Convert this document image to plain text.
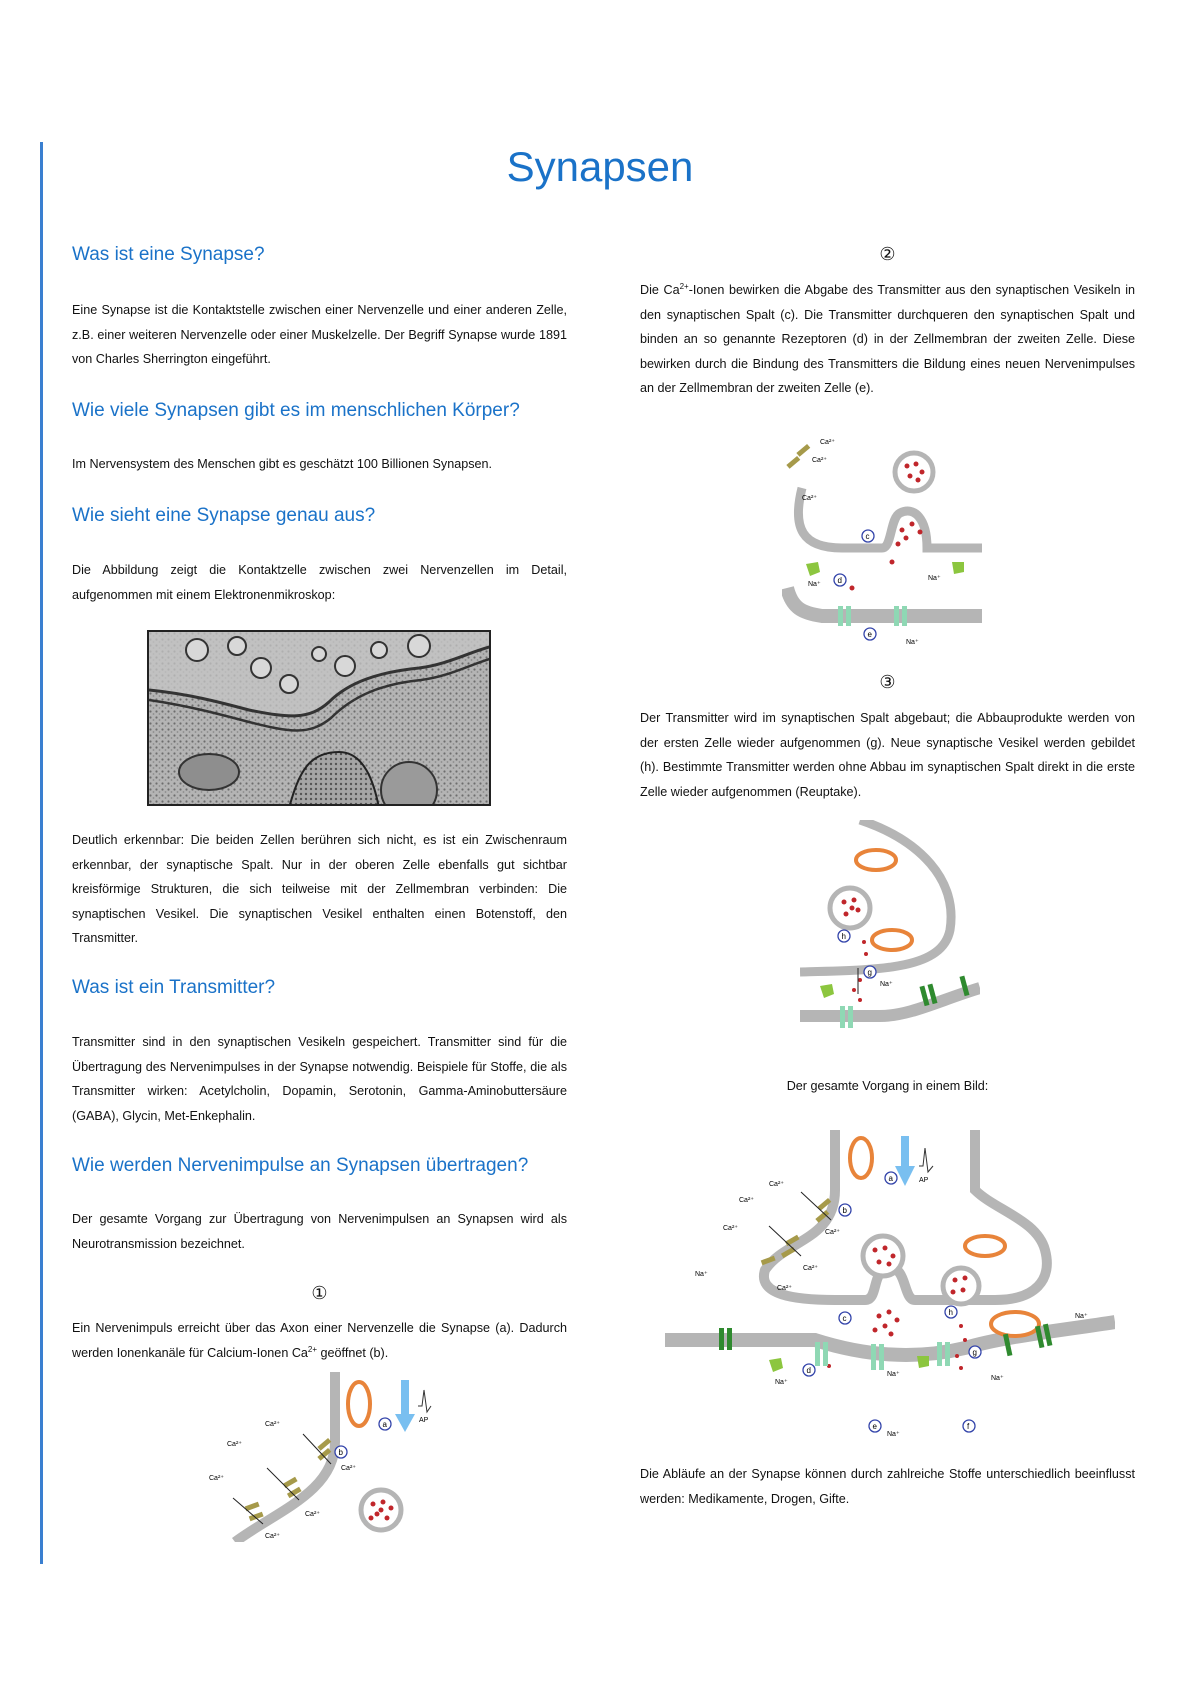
Synapsen
Was ist eine Synapse?

Eine Synapse ist die Kontaktstelle zwischen einer Nervenzelle und einer anderen Zelle, z.B. einer weiteren Nervenzelle oder einer Muskelzelle. Der Begriff Synapse wurde 1891 von Charles Sherrington eingeführt.

Wie viele Synapsen gibt es im menschlichen Körper?

Im Nervensystem des Menschen gibt es geschätzt 100 Billionen Synapsen.

Wie sieht eine Synapse genau aus?

Die Abbildung zeigt die Kontaktzelle zwischen zwei Nervenzellen im Detail, aufgenommen mit einem Elektronenmikroskop:

Deutlich erkennbar: Die beiden Zellen berühren sich nicht, es ist ein Zwischenraum erkennbar, der synaptische Spalt. Nur in der oberen Zelle ebenfalls gut sichtbar kreisförmige Strukturen, die sich teilweise mit der Zellmembran verbinden: Die synaptischen Vesikel. Die synaptischen Vesikel enthalten einen Botenstoff, den Transmitter.

Was ist ein Transmitter?

Transmitter sind in den synaptischen Vesikeln gespeichert. Transmitter sind für die Übertragung des Nervenimpulses in der Synapse notwendig. Beispiele für Stoffe, die als Transmitter wirken: Acetylcholin, Dopamin, Serotonin, Gamma-Aminobuttersäure (GABA), Glycin, Met-Enkephalin.

Wie werden Nervenimpulse an Synapsen übertragen?

Der gesamte Vorgang zur Übertragung von Nervenimpulsen an Synapsen wird als Neurotransmission bezeichnet.

①

Ein Nervenimpuls erreicht über das Axon einer Nervenzelle die Synapse (a). Dadurch werden Ionenkanäle für Calcium-Ionen $Ca^{2+}$ geöffnet (b).

AP
a
b
Ca²⁺
Ca²⁺
Ca²⁺
Ca²⁺
Ca²⁺
Ca²⁺
②

Die $Ca^{2+}$-Ionen bewirken die Abgabe des Transmitter aus den synaptischen Vesikeln in den synaptischen Spalt (c). Die Transmitter durchqueren den synaptischen Spalt und binden an so genannte Rezeptoren (d) in der Zellmembran der zweiten Zelle. Diese bewirken durch die Bindung des Transmitters die Bildung eines neuen Nervenimpulses an der Zellmembran der zweiten Zelle (e).

③

Der Transmitter wird im synaptischen Spalt abgebaut; die Abbauprodukte werden von der ersten Zelle wieder aufgenommen (g). Neue synaptische Vesikel werden gebildet (h). Bestimmte Transmitter werden ohne Abbau im synaptischen Spalt direkt in die erste Zelle wieder aufgenommen (Reuptake).

Der gesamte Vorgang in einem Bild:

Die Abläufe an der Synapse können durch zahlreiche Stoffe unterschiedlich beeinflusst werden: Medikamente, Drogen, Gifte.

Ca²⁺
Ca²⁺
Ca²⁺
c
d
e
Na⁺
Na⁺
Na⁺
h
g
Na⁺
AP
a
b
Ca²⁺
Ca²⁺
Ca²⁺
Ca²⁺
Ca²⁺
Ca²⁺
Na⁺
Na⁺
c
h
g
d
e	f
Na⁺
Na⁺
Na⁺
Na⁺
